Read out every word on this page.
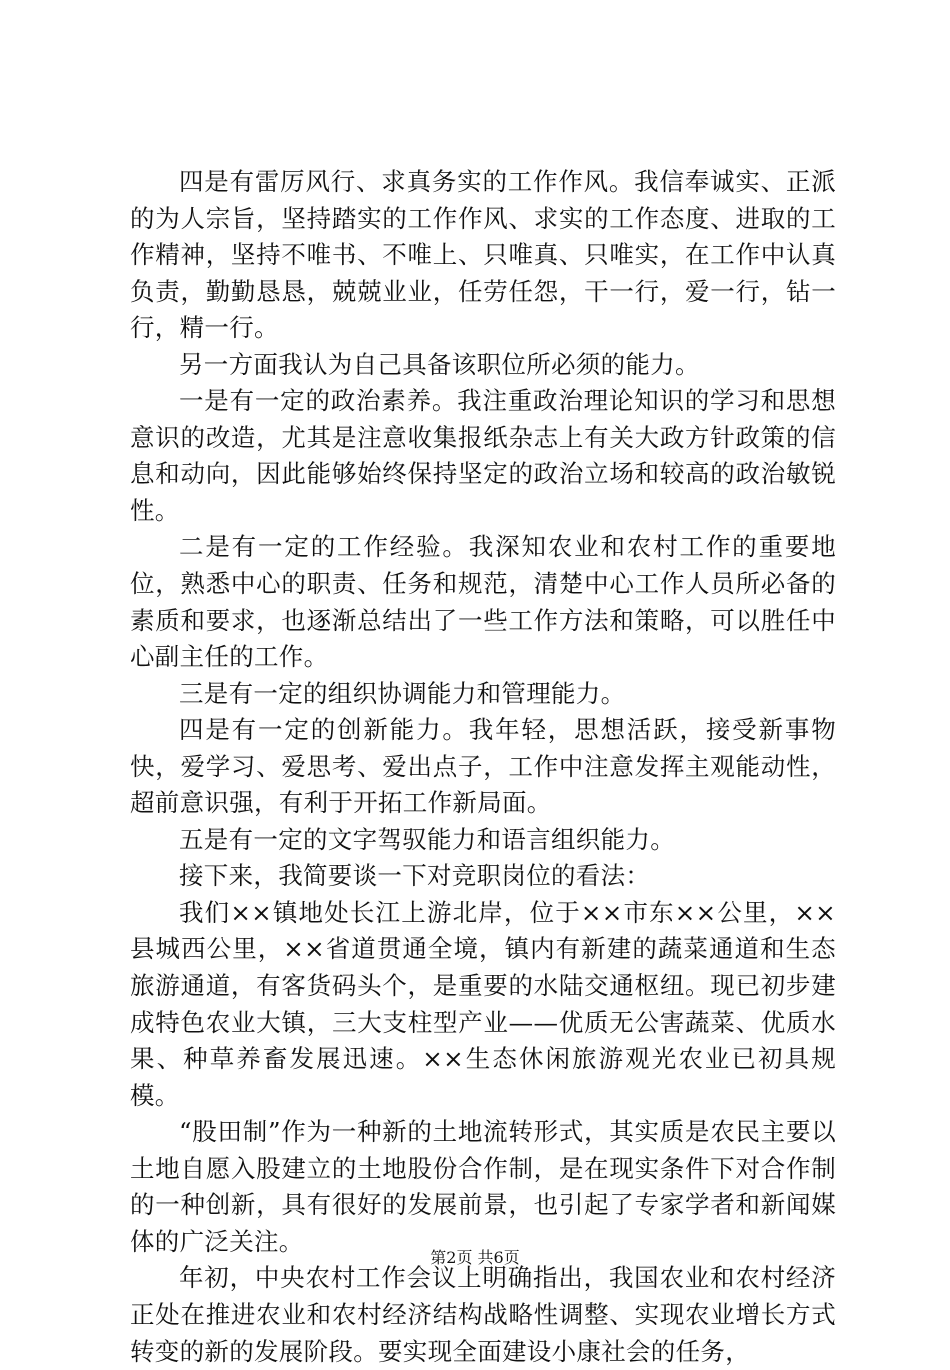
四是有雷厉风行、求真务实的工作作风。我信奉诚实、正派的为人宗旨，坚持踏实的工作作风、求实的工作态度、进取的工作精神，坚持不唯书、不唯上、只唯真、只唯实，在工作中认真负责，勤勤恳恳，兢兢业业，任劳任怨，干一行，爱一行，钻一行，精一行。

另一方面我认为自己具备该职位所必须的能力。

一是有一定的政治素养。我注重政治理论知识的学习和思想意识的改造，尤其是注意收集报纸杂志上有关大政方针政策的信息和动向，因此能够始终保持坚定的政治立场和较高的政治敏锐性。

二是有一定的工作经验。我深知农业和农村工作的重要地位，熟悉中心的职责、任务和规范，清楚中心工作人员所必备的素质和要求，也逐渐总结出了一些工作方法和策略，可以胜任中心副主任的工作。

三是有一定的组织协调能力和管理能力。

四是有一定的创新能力。我年轻，思想活跃，接受新事物快，爱学习、爱思考、爱出点子，工作中注意发挥主观能动性，超前意识强，有利于开拓工作新局面。

五是有一定的文字驾驭能力和语言组织能力。

接下来，我简要谈一下对竞职岗位的看法：

我们××镇地处长江上游北岸，位于××市东××公里，××县城西公里，××省道贯通全境，镇内有新建的蔬菜通道和生态旅游通道，有客货码头个，是重要的水陆交通枢纽。现已初步建成特色农业大镇，三大支柱型产业——优质无公害蔬菜、优质水果、种草养畜发展迅速。××生态休闲旅游观光农业已初具规模。

“股田制”作为一种新的土地流转形式，其实质是农民主要以土地自愿入股建立的土地股份合作制，是在现实条件下对合作制的一种创新，具有很好的发展前景，也引起了专家学者和新闻媒体的广泛关注。

年初，中央农村工作会议上明确指出，我国农业和农村经济正处在推进农业和农村经济结构战略性调整、实现农业增长方式转变的新的发展阶段。要实现全面建设小康社会的任务，

第2页 共6页
